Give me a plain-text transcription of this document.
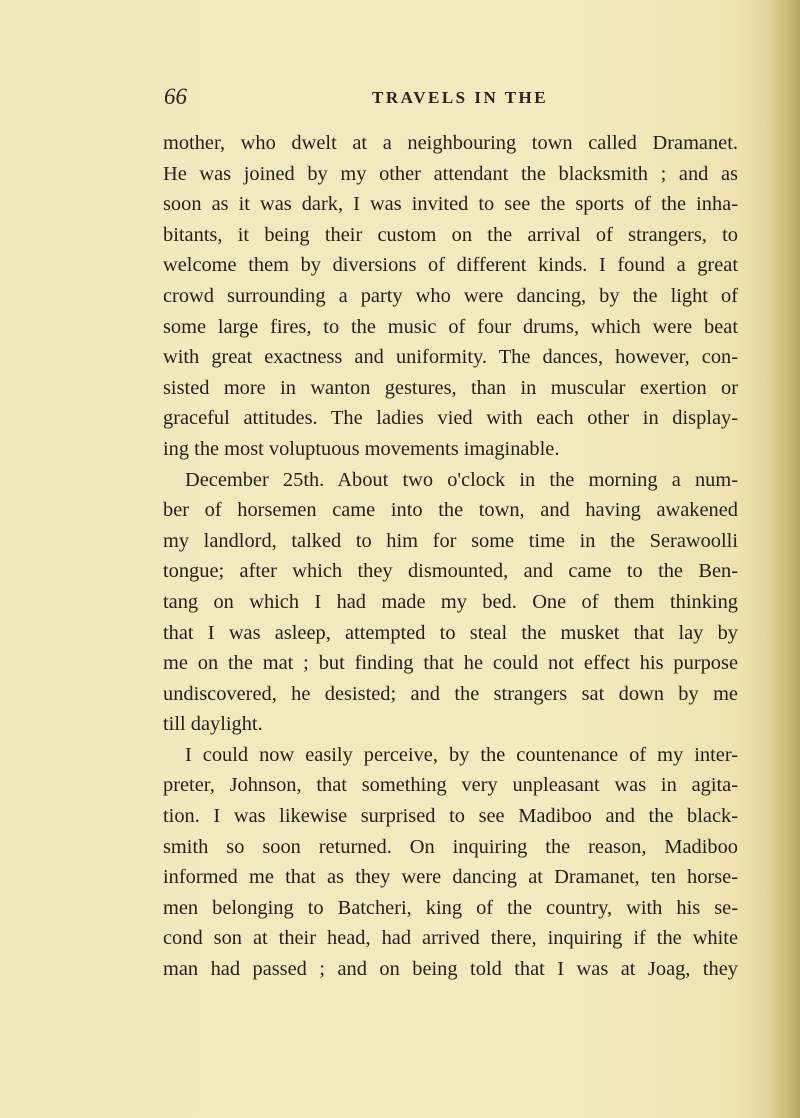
66	TRAVELS IN THE
mother, who dwelt at a neighbouring town called Dramanet.
He was joined by my other attendant the blacksmith ; and as
soon as it was dark, I was invited to see the sports of the inha-
bitants, it being their custom on the arrival of strangers, to
welcome them by diversions of different kinds. I found a great
crowd surrounding a party who were dancing, by the light of
some large fires, to the music of four drums, which were beat
with great exactness and uniformity. The dances, however, con-
sisted more in wanton gestures, than in muscular exertion or
graceful attitudes. The ladies vied with each other in display-
ing the most voluptuous movements imaginable.
December 25th. About two o'clock in the morning a num-
ber of horsemen came into the town, and having awakened
my landlord, talked to him for some time in the Serawoolli
tongue; after which they dismounted, and came to the Ben-
tang on which I had made my bed. One of them thinking
that I was asleep, attempted to steal the musket that lay by
me on the mat ; but finding that he could not effect his purpose
undiscovered, he desisted; and the strangers sat down by me
till daylight.
I could now easily perceive, by the countenance of my inter-
preter, Johnson, that something very unpleasant was in agita-
tion. I was likewise surprised to see Madiboo and the black-
smith so soon returned. On inquiring the reason, Madiboo
informed me that as they were dancing at Dramanet, ten horse-
men belonging to Batcheri, king of the country, with his se-
cond son at their head, had arrived there, inquiring if the white
man had passed ; and on being told that I was at Joag, they
